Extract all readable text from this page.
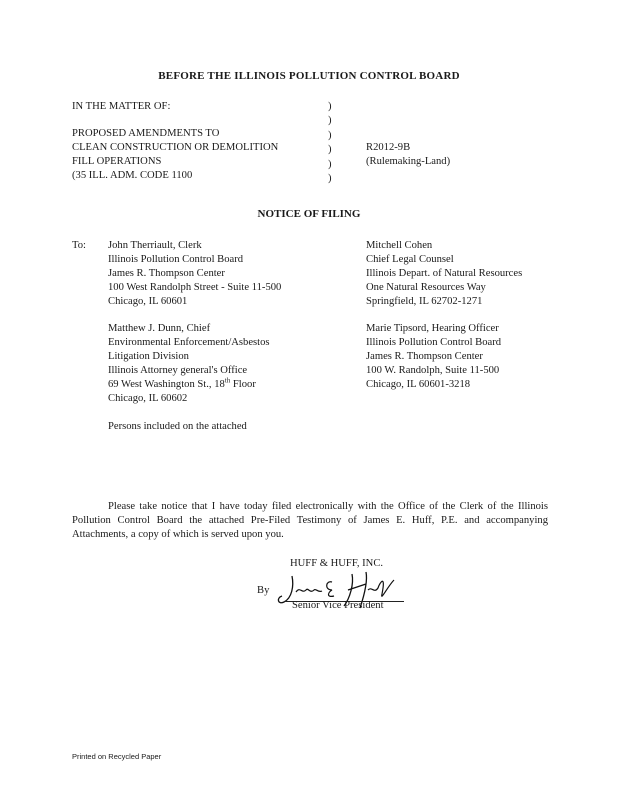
BEFORE THE ILLINOIS POLLUTION CONTROL BOARD
IN THE MATTER OF:
PROPOSED AMENDMENTS TO
CLEAN CONSTRUCTION OR DEMOLITION
FILL OPERATIONS
(35 ILL. ADM. CODE 1100
)
)
)
)
)
)
R2012-9B
(Rulemaking-Land)
NOTICE OF FILING
To: John Therriault, Clerk
Illinois Pollution Control Board
James R. Thompson Center
100 West Randolph Street - Suite 11-500
Chicago, IL 60601
Mitchell Cohen
Chief Legal Counsel
Illinois Depart. of Natural Resources
One Natural Resources Way
Springfield, IL 62702-1271
Matthew J. Dunn, Chief
Environmental Enforcement/Asbestos
Litigation Division
Illinois Attorney general's Office
69 West Washington St., 18th Floor
Chicago, IL 60602
Marie Tipsord, Hearing Officer
Illinois Pollution Control Board
James R. Thompson Center
100 W. Randolph, Suite 11-500
Chicago, IL 60601-3218
Persons included on the attached
Please take notice that I have today filed electronically with the Office of the Clerk of the Illinois Pollution Control Board the attached Pre-Filed Testimony of James E. Huff, P.E. and accompanying Attachments, a copy of which is served upon you.
HUFF & HUFF, INC.
By
Senior Vice President
Printed on Recycled Paper
